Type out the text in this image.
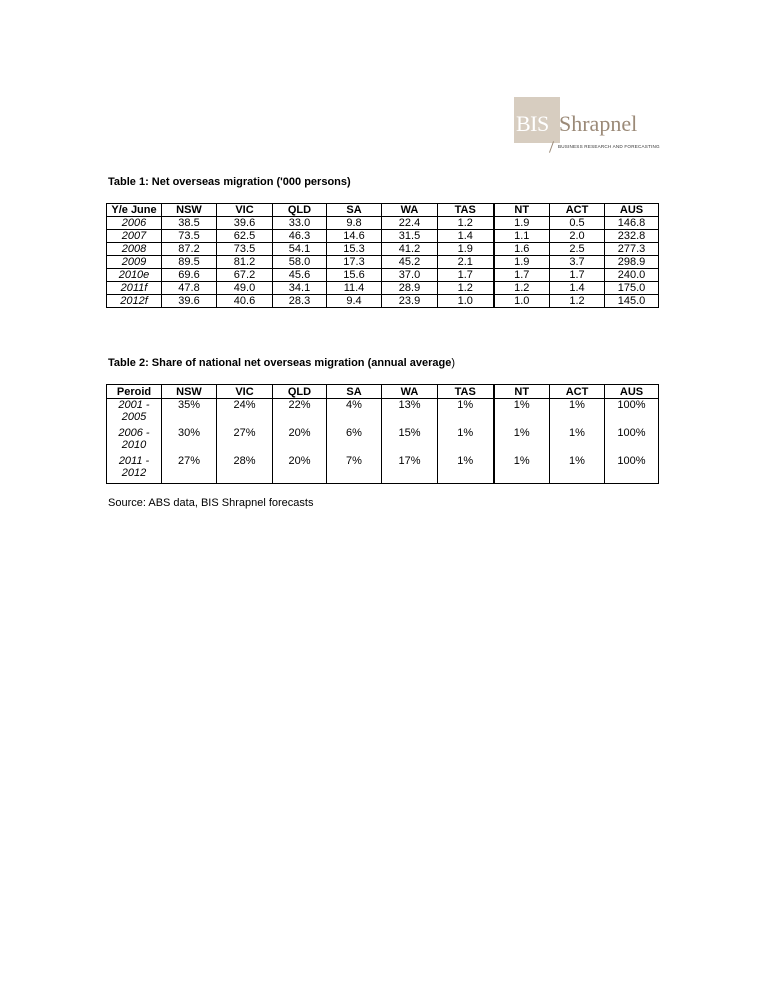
BIS Shrapnel
BUSINESS RESEARCH AND FORECASTING
Table 1: Net overseas migration ('000 persons)
Y/e June	NSW	VIC	QLD	SA	WA	TAS	NT	ACT	AUS
2006	38.5	39.6	33.0	9.8	22.4	1.2	1.9	0.5	146.8
2007	73.5	62.5	46.3	14.6	31.5	1.4	1.1	2.0	232.8
2008	87.2	73.5	54.1	15.3	41.2	1.9	1.6	2.5	277.3
2009	89.5	81.2	58.0	17.3	45.2	2.1	1.9	3.7	298.9
2010e	69.6	67.2	45.6	15.6	37.0	1.7	1.7	1.7	240.0
2011f	47.8	49.0	34.1	11.4	28.9	1.2	1.2	1.4	175.0
2012f	39.6	40.6	28.3	9.4	23.9	1.0	1.0	1.2	145.0
Table 2: Share of national net overseas migration (annual average)
Peroid	NSW	VIC	QLD	SA	WA	TAS	NT	ACT	AUS
2001 - 2005	35%	24%	22%	4%	13%	1%	1%	1%	100%
2006 - 2010	30%	27%	20%	6%	15%	1%	1%	1%	100%
2011 - 2012	27%	28%	20%	7%	17%	1%	1%	1%	100%
Source: ABS data, BIS Shrapnel forecasts
